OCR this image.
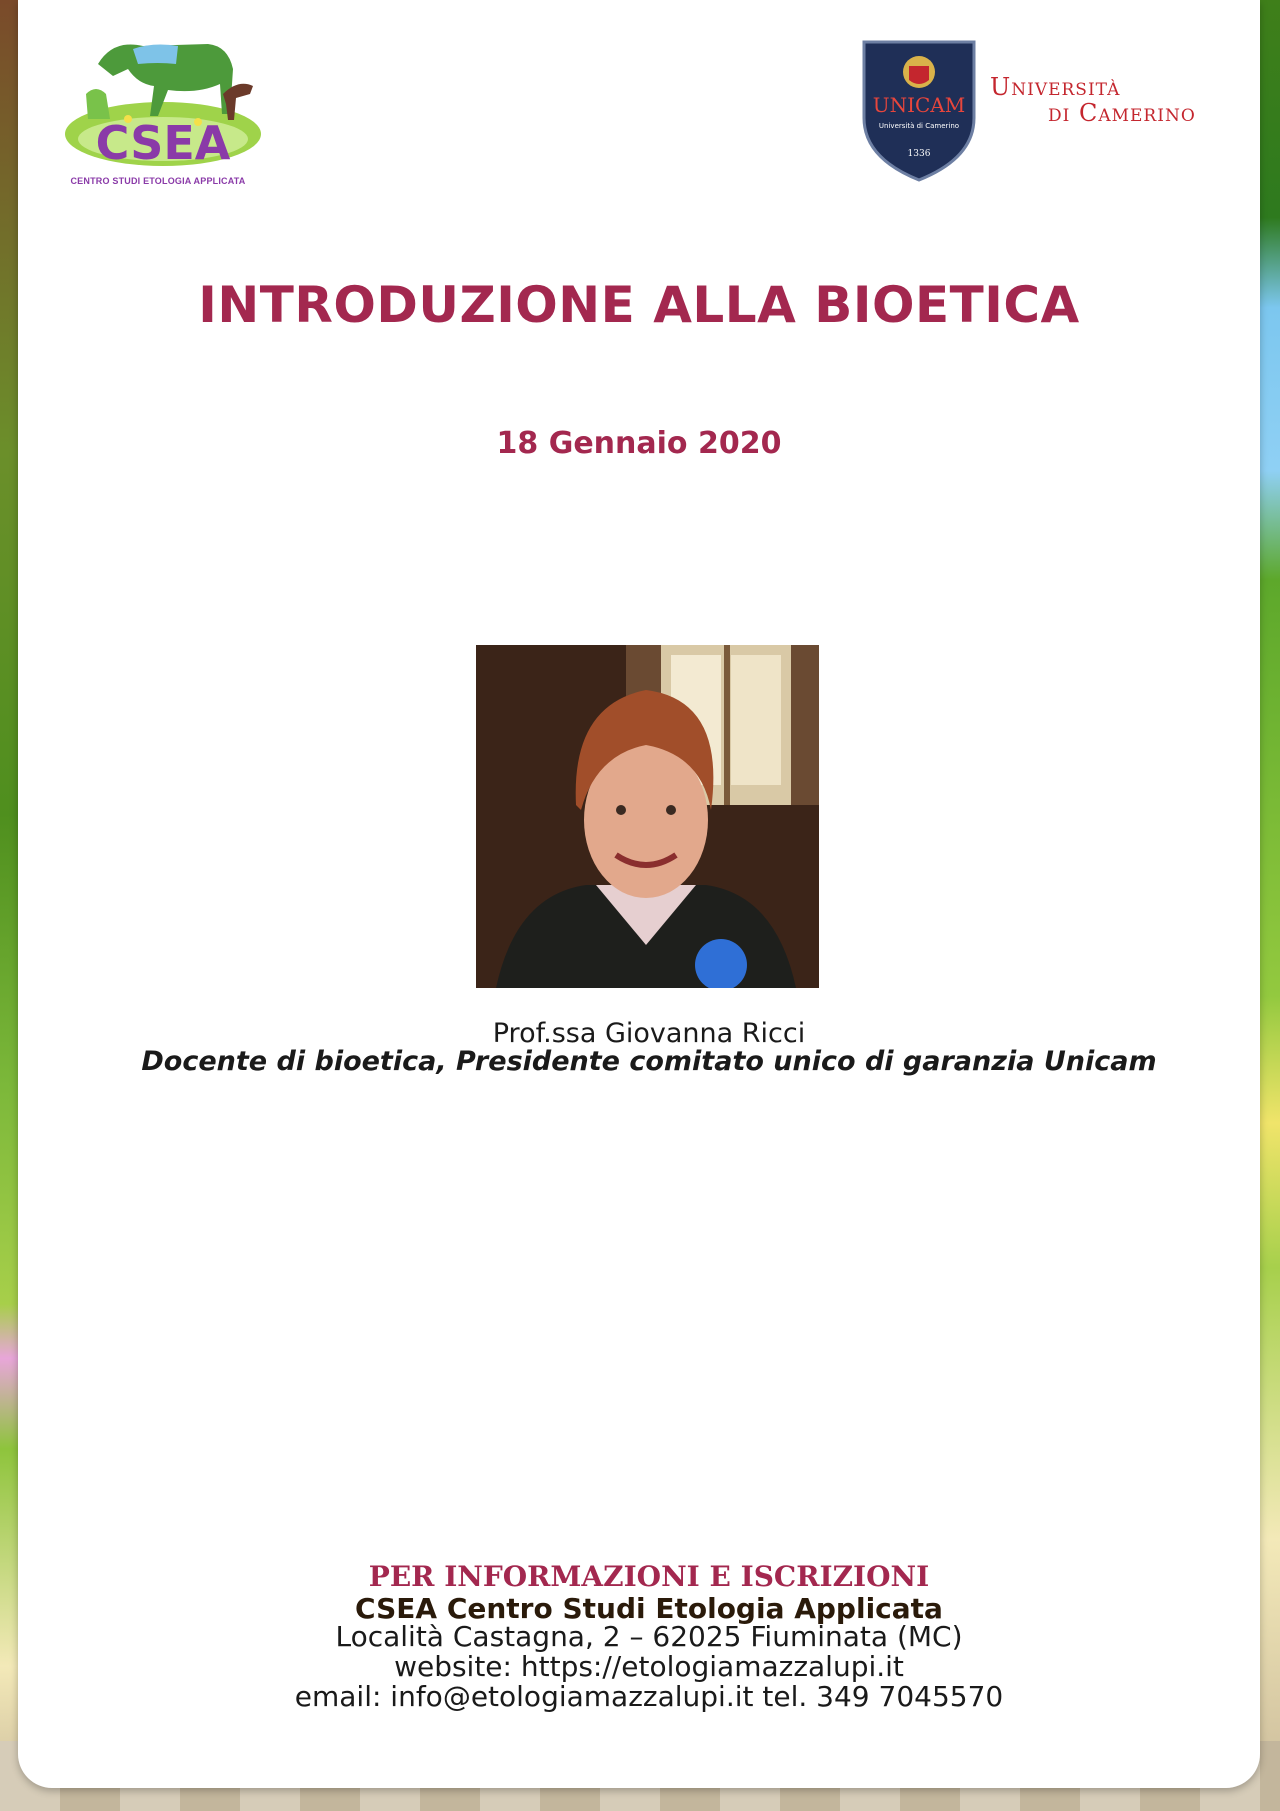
CSEA
CENTRO STUDI ETOLOGIA APPLICATA
UNICAM
Università di Camerino
1336
Università
di Camerino
INTRODUZIONE ALLA BIOETICA
18 Gennaio 2020
Prof.ssa Giovanna Ricci
Docente di bioetica, Presidente comitato unico di garanzia Unicam
PER INFORMAZIONI E ISCRIZIONI
CSEA Centro Studi Etologia Applicata
Località Castagna, 2 – 62025 Fiuminata (MC)
website: https://etologiamazzalupi.it
email: info@etologiamazzalupi.it tel. 349 7045570
